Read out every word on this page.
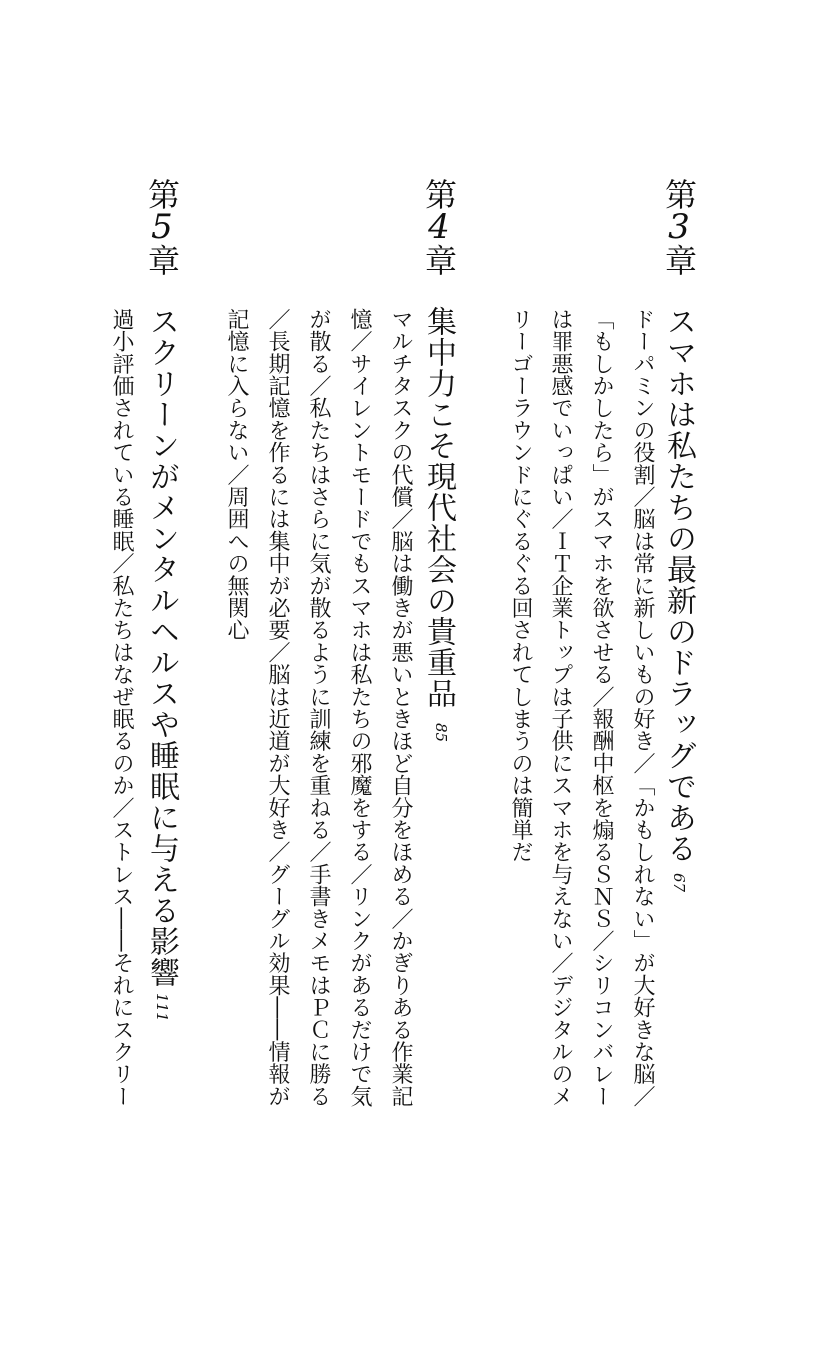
第3章
スマホは私たちの最新のドラッグである
67
ドーパミンの役割／脳は常に新しいもの好き／「かもしれない」が大好きな脳／
「もしかしたら」がスマホを欲させる／報酬中枢を煽るＳＮＳ／シリコンバレー
は罪悪感でいっぱい／ＩＴ企業トップは子供にスマホを与えない／デジタルのメ
リーゴーラウンドにぐるぐる回されてしまうのは簡単だ
第4章
集中力こそ現代社会の貴重品
85
マルチタスクの代償／脳は働きが悪いときほど自分をほめる／かぎりある作業記
憶／サイレントモードでもスマホは私たちの邪魔をする／リンクがあるだけで気
が散る／私たちはさらに気が散るように訓練を重ねる／手書きメモはＰＣに勝る
／長期記憶を作るには集中が必要／脳は近道が大好き／グーグル効果――情報が
記憶に入らない／周囲への無関心
第5章
スクリーンがメンタルヘルスや睡眠に与える影響
111
過小評価されている睡眠／私たちはなぜ眠るのか／ストレス――それにスクリー
